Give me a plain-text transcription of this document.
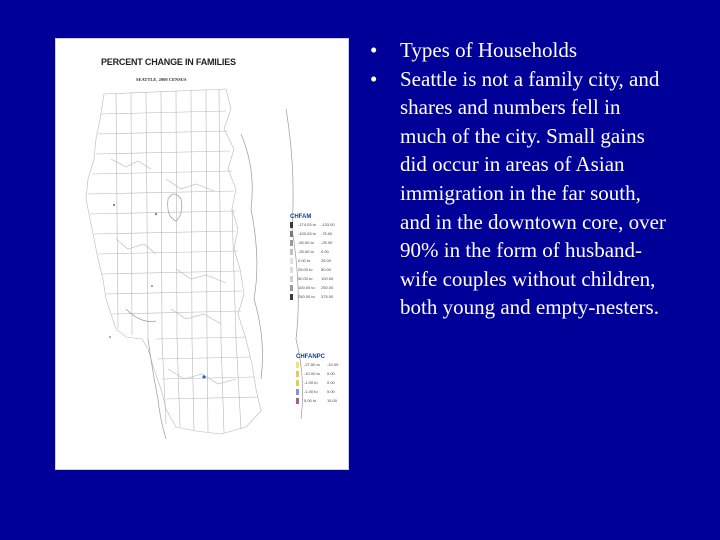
PERCENT CHANGE IN FAMILIES
SEATTLE, 2000 CENSUS
CHFAM
-174.03 to -133.00
-100.03 to -75.00
-50.00 to -25.00
-25.00 to 0.00
0.00 to	25.00
25.00 to 50.00
50.00 to 100.00
100.00 to 250.00
250.00 to 375.00
CHFANPC
-27.50 to -10.00
-10.00 to 0.00
-1.00 to 0.00
-1.00 to 5.00
5.00 to	15.00
• Types of Households
• Seattle is not a family city, and shares and numbers fell in much of the city. Small gains did occur in areas of Asian immigration in the far south, and in the downtown core, over 90% in the form of husband-wife couples without children, both young and empty-nesters.
